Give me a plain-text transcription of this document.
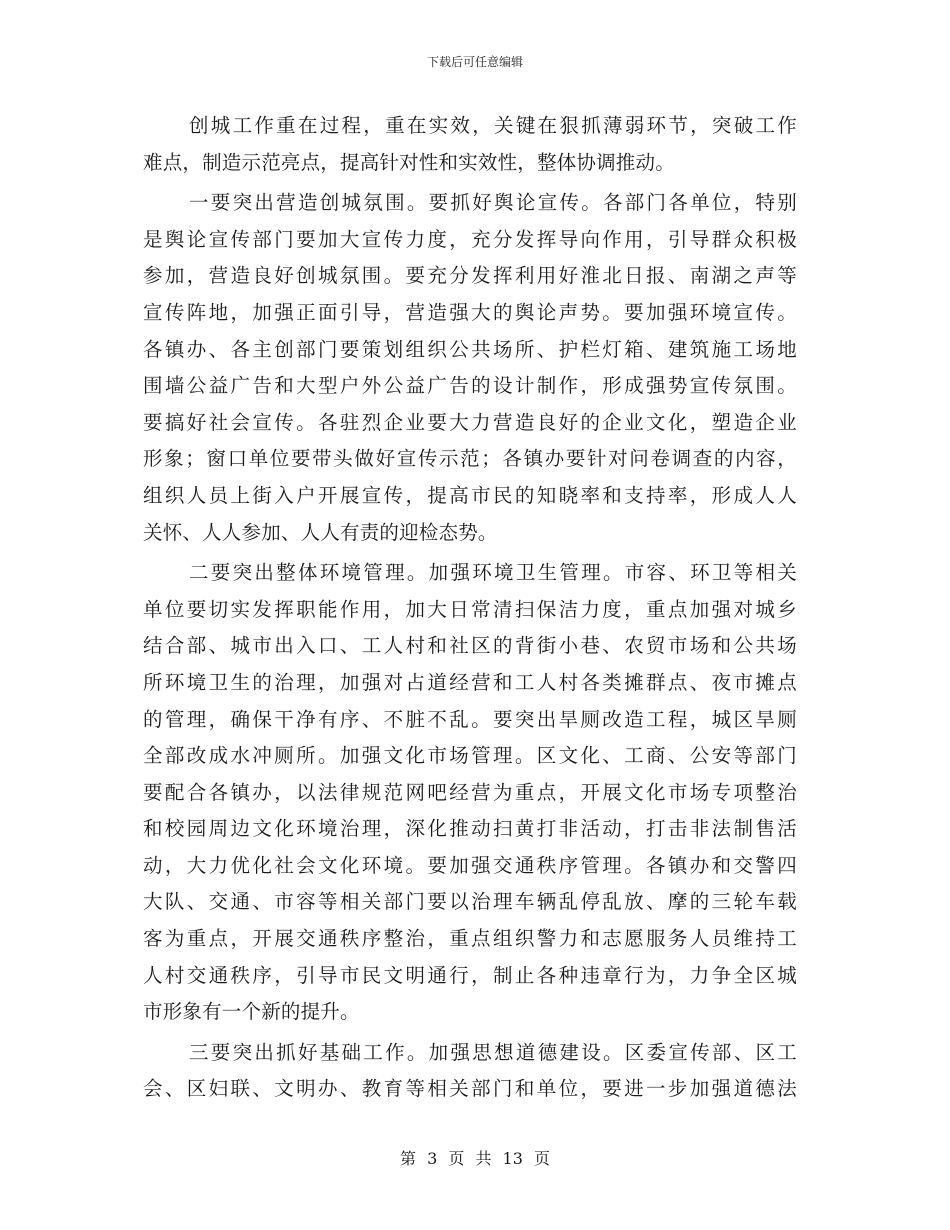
下载后可任意编辑
创城工作重在过程，重在实效，关键在狠抓薄弱环节，突破工作
难点，制造示范亮点，提高针对性和实效性，整体协调推动。
一要突出营造创城氛围。要抓好舆论宣传。各部门各单位，特别
是舆论宣传部门要加大宣传力度，充分发挥导向作用，引导群众积极
参加，营造良好创城氛围。要充分发挥利用好淮北日报、南湖之声等
宣传阵地，加强正面引导，营造强大的舆论声势。要加强环境宣传。
各镇办、各主创部门要策划组织公共场所、护栏灯箱、建筑施工场地
围墙公益广告和大型户外公益广告的设计制作，形成强势宣传氛围。
要搞好社会宣传。各驻烈企业要大力营造良好的企业文化，塑造企业
形象；窗口单位要带头做好宣传示范；各镇办要针对问卷调查的内容，
组织人员上街入户开展宣传，提高市民的知晓率和支持率，形成人人
关怀、人人参加、人人有责的迎检态势。
二要突出整体环境管理。加强环境卫生管理。市容、环卫等相关
单位要切实发挥职能作用，加大日常清扫保洁力度，重点加强对城乡
结合部、城市出入口、工人村和社区的背街小巷、农贸市场和公共场
所环境卫生的治理，加强对占道经营和工人村各类摊群点、夜市摊点
的管理，确保干净有序、不脏不乱。要突出旱厕改造工程，城区旱厕
全部改成水冲厕所。加强文化市场管理。区文化、工商、公安等部门
要配合各镇办，以法律规范网吧经营为重点，开展文化市场专项整治
和校园周边文化环境治理，深化推动扫黄打非活动，打击非法制售活
动，大力优化社会文化环境。要加强交通秩序管理。各镇办和交警四
大队、交通、市容等相关部门要以治理车辆乱停乱放、摩的三轮车载
客为重点，开展交通秩序整治，重点组织警力和志愿服务人员维持工
人村交通秩序，引导市民文明通行，制止各种违章行为，力争全区城
市形象有一个新的提升。
三要突出抓好基础工作。加强思想道德建设。区委宣传部、区工
会、区妇联、文明办、教育等相关部门和单位，要进一步加强道德法
第 3 页 共 13 页
